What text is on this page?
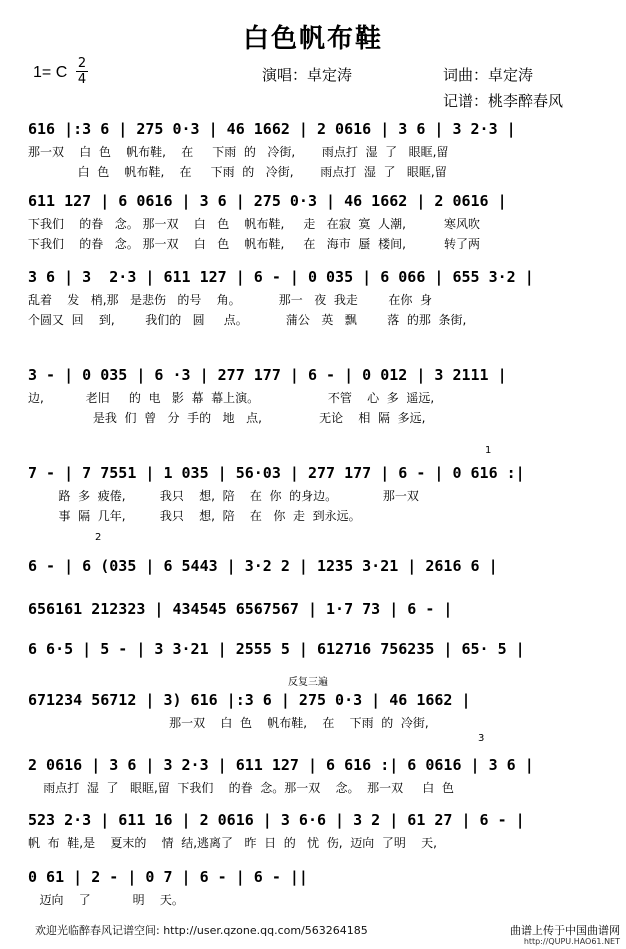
白色帆布鞋
1= C
2
4	演唱：卓定涛	词曲：卓定涛
记谱：桃李醉春风
616 |:3 6 | 275 0·3 | 46 1662 | 2 0616 | 3 6 | 3 2·3 |
那一双    白  色    帆布鞋,    在     下雨  的   冷街,       雨点打  湿  了   眼眶,留
白  色    帆布鞋,    在     下雨  的   冷街,       雨点打  湿  了   眼眶,留
611 127 | 6 0616 | 3 6 | 275 0·3 | 46 1662 | 2 0616 |
下我们    的眷   念。 那一双    白   色    帆布鞋,     走   在寂  寞  人潮,          寒风吹
下我们    的眷   念。 那一双    白   色    帆布鞋,     在   海市  蜃  楼间,          转了两
3 6 | 3  2·3 | 611 127 | 6 - | 0 035 | 6 066 | 655 3·2 |
乱着    发   梢,那   是悲伤   的号    角。          那一   夜  我走        在你  身
个圆又  回    到,        我们的   圆     点。          蒲公   英   飘        落  的那  条街,
3 - | 0 035 | 6 ·3 | 277 177 | 6 - | 0 012 | 3 2111 |
边,           老旧     的  电   影  幕  幕上演。                  不管    心  多  遥远,
是我  们  曾   分  手的   地   点,               无论    相  隔  多远,
7 - | 7 7551 | 1 035 | 56·03 | 277 177 | 6 - | 0 616 :|
路  多  疲倦,         我只    想,  陪    在  你  的身边。            那一双
事  隔  几年,         我只    想,  陪    在   你  走  到永远。
6 - | 6 (035 | 6 5443 | 3·2 2 | 1235 3·21 | 2616 6 |
656161 212323 | 434545 6567567 | 1·7 73 | 6 - |
6 6·5 | 5 - | 3 3·21 | 2555 5 | 612716 756235 | 65· 5 |
671234 56712 | 3) 616 |:3 6 | 275 0·3 | 46 1662 |
那一双    白  色    帆布鞋,    在    下雨  的  冷街,
2 0616 | 3 6 | 3 2·3 | 611 127 | 6 616 :| 6 0616 | 3 6 |
雨点打  湿  了   眼眶,留  下我们    的眷  念。那一双    念。  那一双     白  色
523 2·3 | 611 16 | 2 0616 | 3 6·6 | 3 2 | 61 27 | 6 - |
帆  布  鞋,是    夏末的    情  结,逃离了   昨  日  的   忧  伤,  迈向  了明    天,
0 61 | 2 - | 0 7 | 6 - | 6 - ||
迈向    了           明    天。
1
2
3
反复三遍
欢迎光临醉春风记谱空间: http://user.qzone.qq.com/563264185	曲谱上传于中国曲谱网
http://QUPU.HAO61.NET
